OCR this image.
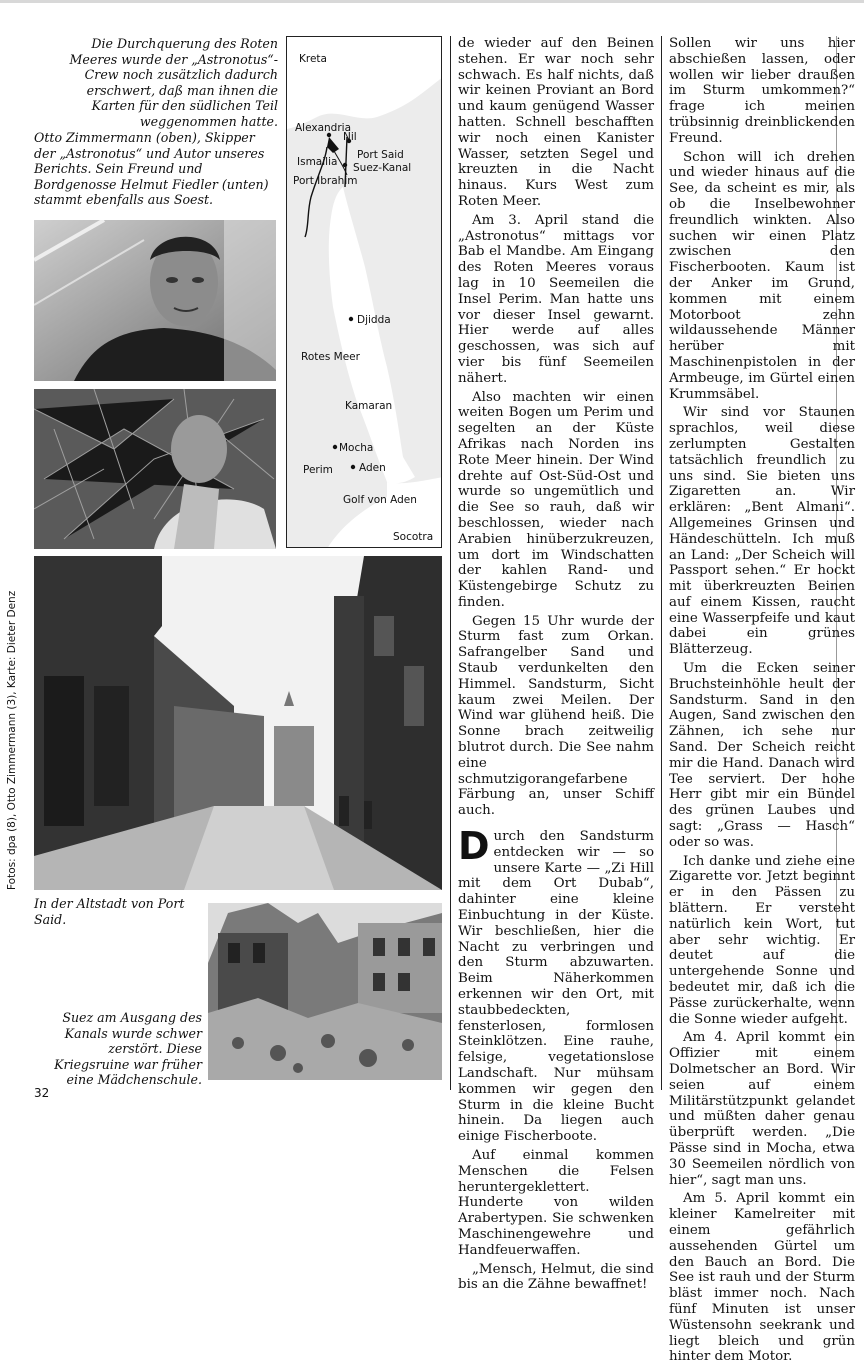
Die Durchquerung des Roten Meeres wurde der „Astronotus“-Crew noch zusätzlich dadurch erschwert, daß man ihnen die Karten für den südlichen Teil weggenommen hatte.
Otto Zimmermann (oben), Skipper der „Astronotus“ und Autor unseres Berichts. Sein Freund und Bordgenosse Helmut Fiedler (unten) stammt ebenfalls aus Soest.
Kreta
Alexandria
Nil
Port Said
Ismailia Suez-Kanal
Port Ibrahim
Djidda
Rotes Meer
Kamaran
Mocha
Perim Aden
Golf von Aden
Socotra
Fotos: dpa (8), Otto Zimmermann (3), Karte: Dieter Denz
In der Altstadt von Port Said.
Suez am Ausgang des Kanals wurde schwer zerstört. Diese Kriegsruine war früher eine Mädchenschule.
32

de wieder auf den Beinen stehen. Er war noch sehr schwach. Es half nichts, daß wir keinen Proviant an Bord und kaum genügend Wasser hatten. Schnell beschafften wir noch einen Kanister Wasser, setzten Segel und kreuzten in die Nacht hinaus. Kurs West zum Roten Meer.

Am 3. April stand die „Astronotus“ mittags vor Bab el Mandbe. Am Eingang des Roten Meeres voraus lag in 10 Seemeilen die Insel Perim. Man hatte uns vor dieser Insel gewarnt. Hier werde auf alles geschossen, was sich auf vier bis fünf Seemeilen nähert.

Also machten wir einen weiten Bogen um Perim und segelten an der Küste Afrikas nach Norden ins Rote Meer hinein. Der Wind drehte auf Ost-Süd-Ost und wurde so ungemütlich und die See so rauh, daß wir beschlossen, wieder nach Arabien hinüberzukreuzen, um dort im Windschatten der kahlen Rand- und Küstengebirge Schutz zu finden.

Gegen 15 Uhr wurde der Sturm fast zum Orkan. Safrangelber Sand und Staub verdunkelten den Himmel. Sandsturm, Sicht kaum zwei Meilen. Der Wind war glühend heiß. Die Sonne brach zeitweilig blutrot durch. Die See nahm eine schmutzigorangefarbene Färbung an, unser Schiff auch.

Durch den Sandsturm entdecken wir — so unsere Karte — „Zi Hill mit dem Ort Dubab“, dahinter eine kleine Einbuchtung in der Küste. Wir beschließen, hier die Nacht zu verbringen und den Sturm abzuwarten. Beim Näherkommen erkennen wir den Ort, mit staubbedeckten, fensterlosen, formlosen Steinklötzen. Eine rauhe, felsige, vegetationslose Landschaft. Nur mühsam kommen wir gegen den Sturm in die kleine Bucht hinein. Da liegen auch einige Fischerboote.

Auf einmal kommen Menschen die Felsen heruntergeklettert. Hunderte von wilden Arabertypen. Sie schwenken Maschinengewehre und Handfeuerwaffen.

„Mensch, Helmut, die sind bis an die Zähne bewaffnet!

Sollen wir uns hier abschießen lassen, oder wollen wir lieber draußen im Sturm umkommen?“ frage ich meinen trübsinnig dreinblickenden Freund.

Schon will ich drehen und wieder hinaus auf die See, da scheint es mir, als ob die Inselbewohner freundlich winkten. Also suchen wir einen Platz zwischen den Fischerbooten. Kaum ist der Anker im Grund, kommen mit einem Motorboot zehn wildaussehende Männer herüber mit Maschinenpistolen in der Armbeuge, im Gürtel einen Krummsäbel.

Wir sind vor Staunen sprachlos, weil diese zerlumpten Gestalten tatsächlich freundlich zu uns sind. Sie bieten uns Zigaretten an. Wir erklären: „Bent Almani“. Allgemeines Grinsen und Händeschütteln. Ich muß an Land: „Der Scheich will Passport sehen.“ Er hockt mit überkreuzten Beinen auf einem Kissen, raucht eine Wasserpfeife und kaut dabei ein grünes Blätterzeug.

Um die Ecken seiner Bruchsteinhöhle heult der Sandsturm. Sand in den Augen, Sand zwischen den Zähnen, ich sehe nur Sand. Der Scheich reicht mir die Hand. Danach wird Tee serviert. Der hohe Herr gibt mir ein Bündel des grünen Laubes und sagt: „Grass — Hasch“ oder so was.

Ich danke und ziehe eine Zigarette vor. Jetzt beginnt er in den Pässen zu blättern. Er versteht natürlich kein Wort, tut aber sehr wichtig. Er deutet auf die untergehende Sonne und bedeutet mir, daß ich die Pässe zurückerhalte, wenn die Sonne wieder aufgeht.

Am 4. April kommt ein Offizier mit einem Dolmetscher an Bord. Wir seien auf einem Militärstützpunkt gelandet und müßten daher genau überprüft werden. „Die Pässe sind in Mocha, etwa 30 Seemeilen nördlich von hier“, sagt man uns.

Am 5. April kommt ein kleiner Kamelreiter mit einem gefährlich aussehenden Gürtel um den Bauch an Bord. Die See ist rauh und der Sturm bläst immer noch. Nach fünf Minuten ist unser Wüstensohn seekrank und liegt bleich und grün hinter dem Motor.
